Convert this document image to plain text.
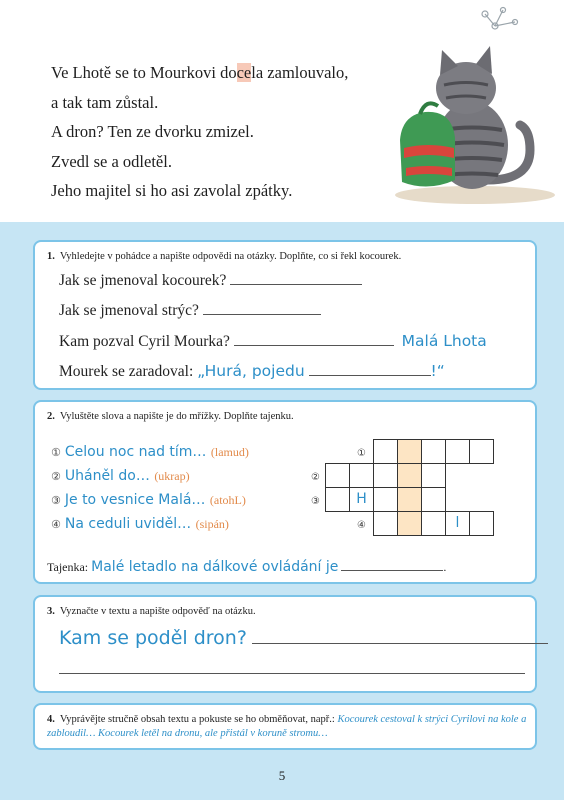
Ve Lhotě se to Mourkovi docela zamlouvalo,
a tak tam zůstal.
A dron? Ten ze dvorku zmizel.
Zvedl se a odletěl.
Jeho majitel si ho asi zavolal zpátky.
1. Vyhledejte v pohádce a napište odpovědi na otázky. Doplňte, co si řekl kocourek.
Jak se jmenoval kocourek?
Jak se jmenoval strýc?
Kam pozval Cyril Mourka?	Malá Lhota
Mourek se zaradoval: „Hurá, pojedu	!“
2. Vyluštěte slova a napište je do mřížky. Doplňte tajenku.
① Celou noc nad tím… (lamud)
② Uháněl do… (ukrap)
③ Je to vesnice Malá… (atohL)
④ Na ceduli uviděl… (sipán)
①
②
③
④
H
l
Tajenka: Malé letadlo na dálkové ovládání je	.
3. Vyznačte v textu a napište odpověď na otázku.
Kam se poděl dron?
4. Vyprávějte stručně obsah textu a pokuste se ho obměňovat, např.: Kocourek cestoval k strýci Cyrilovi na kole a zabloudil… Kocourek letěl na dronu, ale přistál v koruně stromu…
5
